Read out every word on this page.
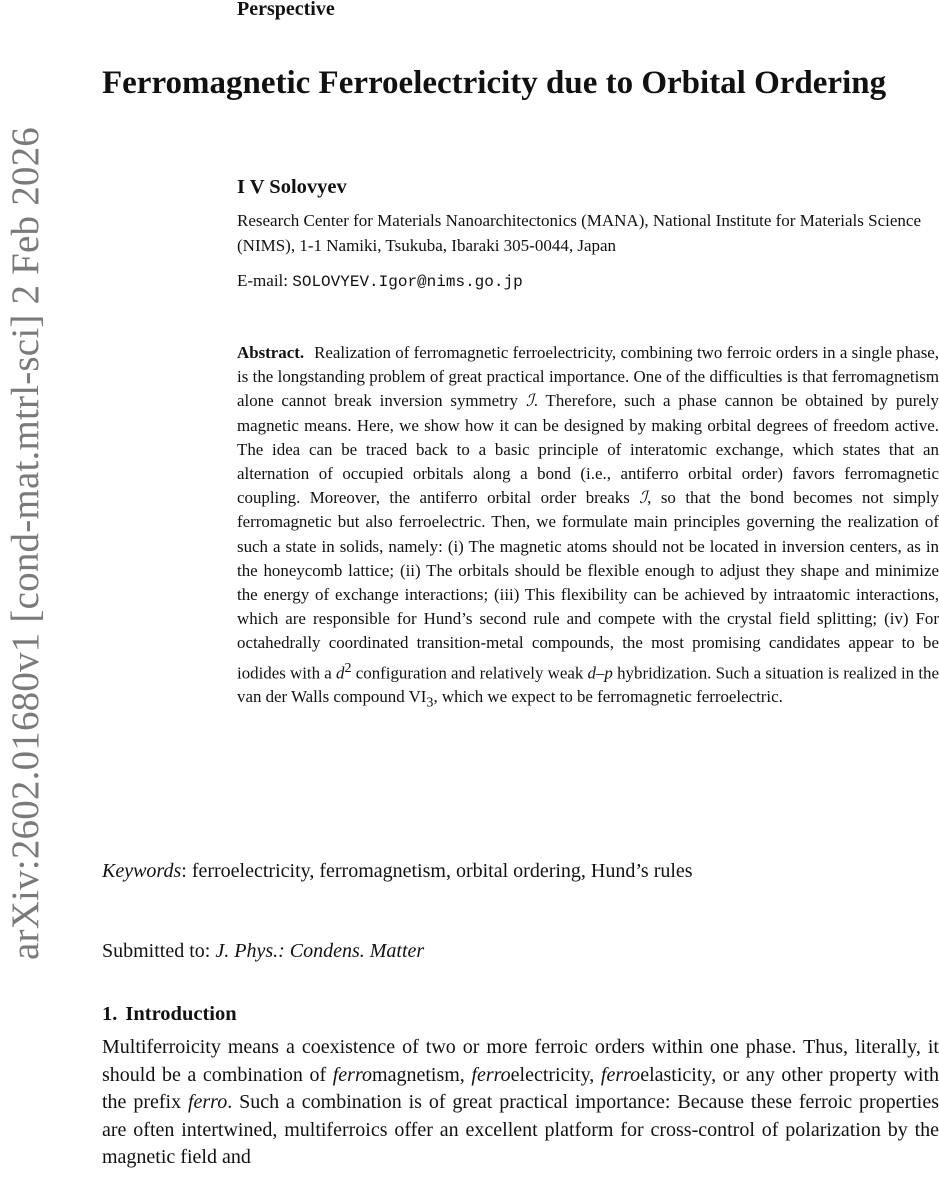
arXiv:2602.01680v1 [cond-mat.mtrl-sci] 2 Feb 2026
Perspective
Ferromagnetic Ferroelectricity due to Orbital Ordering
I V Solovyev
Research Center for Materials Nanoarchitectonics (MANA), National Institute for Materials Science (NIMS), 1-1 Namiki, Tsukuba, Ibaraki 305-0044, Japan
E-mail: SOLOVYEV.Igor@nims.go.jp

Abstract. Realization of ferromagnetic ferroelectricity, combining two ferroic orders in a single phase, is the longstanding problem of great practical importance. One of the difficulties is that ferromagnetism alone cannot break inversion symmetry ℐ. Therefore, such a phase cannon be obtained by purely magnetic means. Here, we show how it can be designed by making orbital degrees of freedom active. The idea can be traced back to a basic principle of interatomic exchange, which states that an alternation of occupied orbitals along a bond (i.e., antiferro orbital order) favors ferromagnetic coupling. Moreover, the antiferro orbital order breaks ℐ, so that the bond becomes not simply ferromagnetic but also ferroelectric. Then, we formulate main principles governing the realization of such a state in solids, namely: (i) The magnetic atoms should not be located in inversion centers, as in the honeycomb lattice; (ii) The orbitals should be flexible enough to adjust they shape and minimize the energy of exchange interactions; (iii) This flexibility can be achieved by intraatomic interactions, which are responsible for Hund’s second rule and compete with the crystal field splitting; (iv) For octahedrally coordinated transition-metal compounds, the most promising candidates appear to be iodides with a $d^2$ configuration and relatively weak d–p hybridization. Such a situation is realized in the van der Walls compound $VI_3$, which we expect to be ferromagnetic ferroelectric.

Keywords: ferroelectricity, ferromagnetism, orbital ordering, Hund’s rules
Submitted to: J. Phys.: Condens. Matter
1. Introduction

Multiferroicity means a coexistence of two or more ferroic orders within one phase. Thus, literally, it should be a combination of ferromagnetism, ferroelectricity, ferroelasticity, or any other property with the prefix ferro. Such a combination is of great practical importance: Because these ferroic properties are often intertwined, multiferroics offer an excellent platform for cross-control of polarization by the magnetic field and
